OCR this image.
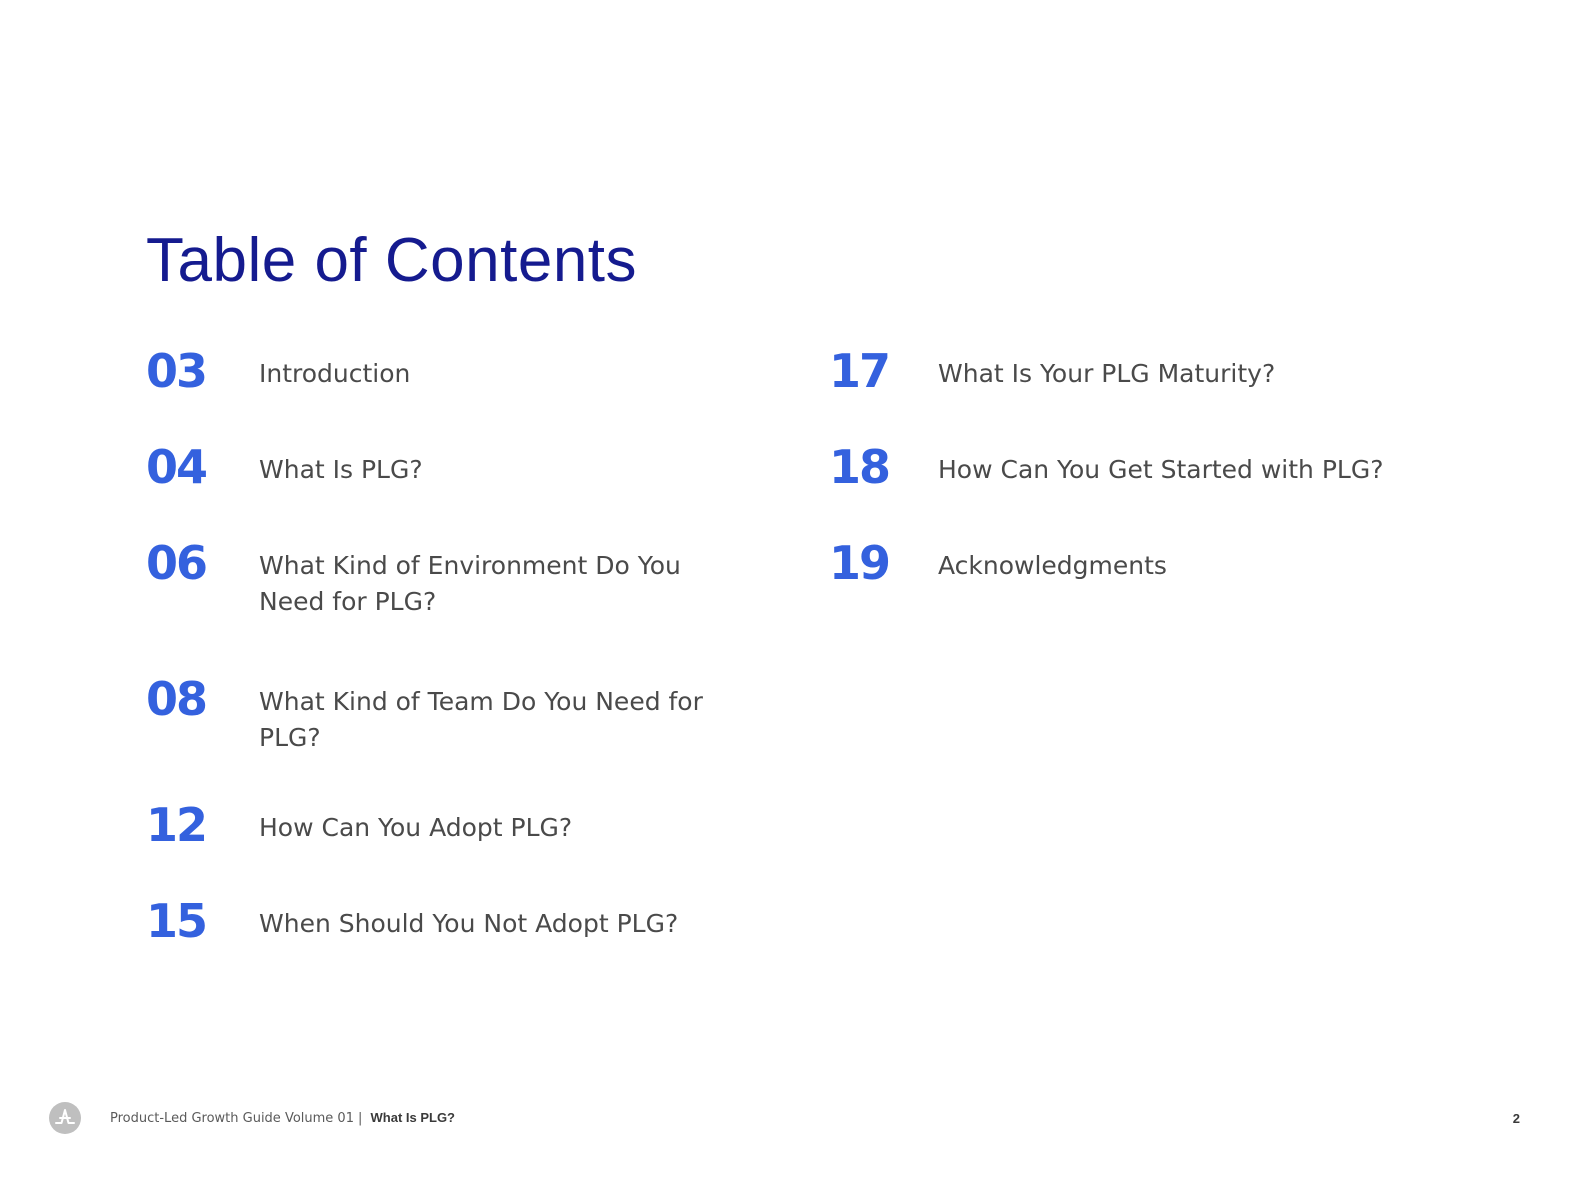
Table of Contents
03	Introduction
04	What Is PLG?
06	What Kind of Environment Do You Need for PLG?
08	What Kind of Team Do You Need for PLG?
12	How Can You Adopt PLG?
15	When Should You Not Adopt PLG?
17	What Is Your PLG Maturity?
18	How Can You Get Started with PLG?
19	Acknowledgments
Product-Led Growth Guide Volume 01 | What Is PLG?	2
